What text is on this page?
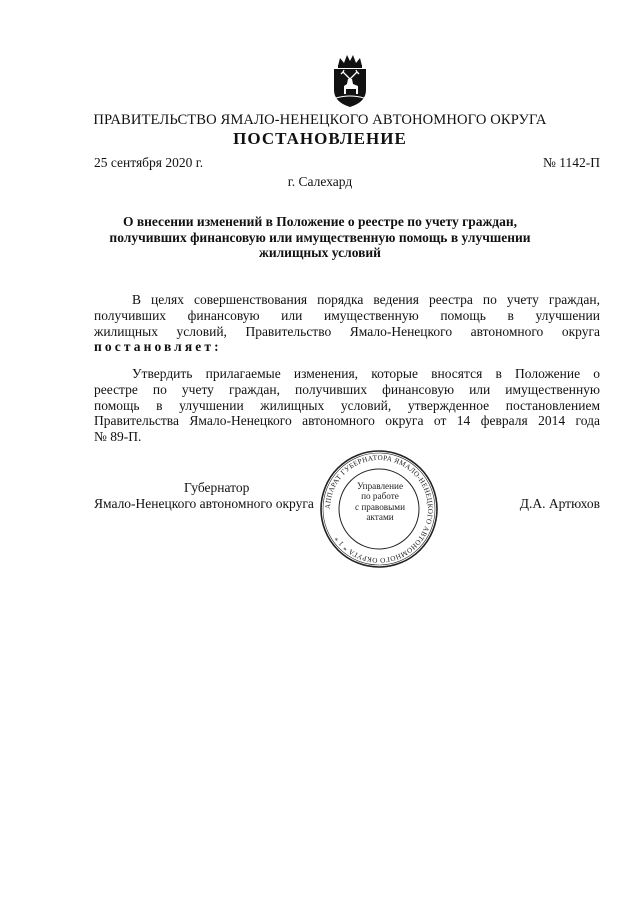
ПРАВИТЕЛЬСТВО ЯМАЛО-НЕНЕЦКОГО АВТОНОМНОГО ОКРУГА
ПОСТАНОВЛЕНИЕ
25 сентября 2020 г.	№ 1142-П
г. Салехард
О внесении изменений в Положение о реестре по учету граждан,
получивших финансовую или имущественную помощь в улучшении
жилищных условий
В целях совершенствования порядка ведения реестра по учету граждан,
получивших финансовую или имущественную помощь в улучшении
жилищных условий, Правительство Ямало-Ненецкого автономного округа
постановляет:
Утвердить прилагаемые изменения, которые вносятся в Положение о
реестре по учету граждан, получивших финансовую или имущественную
помощь в улучшении жилищных условий, утвержденное постановлением
Правительства Ямало-Ненецкого автономного округа от 14 февраля 2014 года
№ 89-П.
АППАРАТ ГУБЕРНАТОРА ЯМАЛО-НЕНЕЦКОГО АВТОНОМНОГО ОКРУГА * 1 *
Управление
по работе
с правовыми
актами
Губернатор
Ямало-Ненецкого автономного округа	Д.А. Артюхов
